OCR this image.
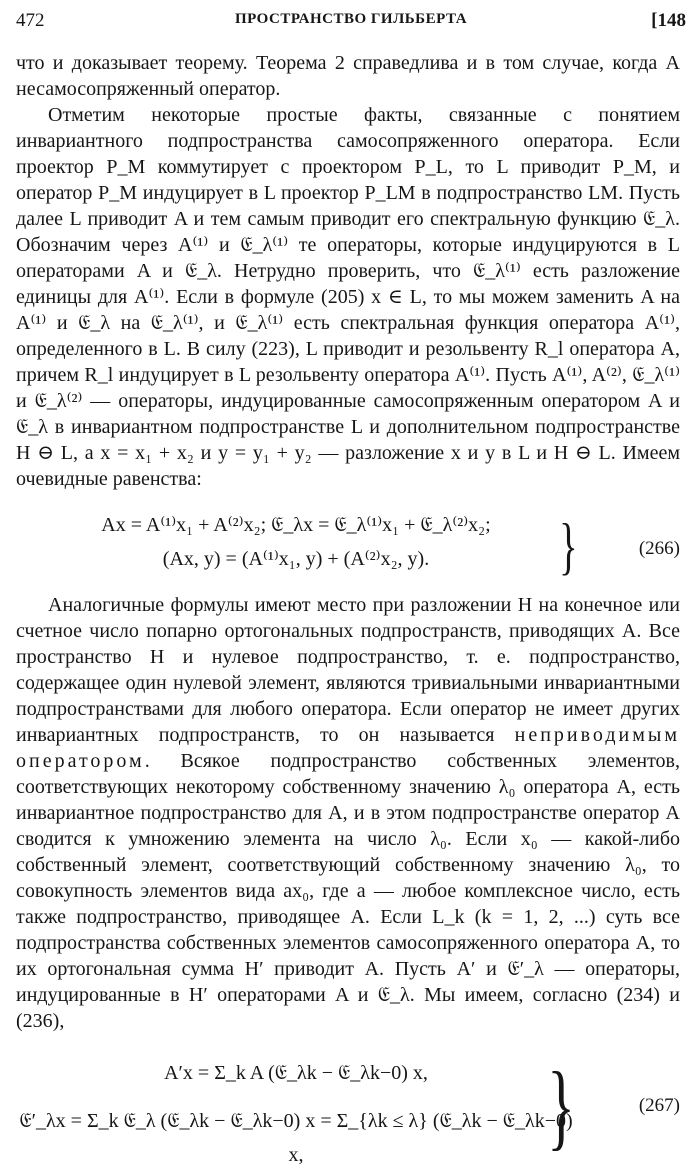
472	ПРОСТРАНСТВО ГИЛЬБЕРТА	[148

что и доказывает теорему. Теорема 2 справедлива и в том случае, когда A несамосопряженный оператор.

Отметим некоторые простые факты, связанные с понятием инвариантного подпространства самосопряженного оператора. Если проектор P_M коммутирует с проектором P_L, то L приводит P_M, и оператор P_M индуцирует в L проектор P_LM в подпространство LM. Пусть далее L приводит A и тем самым приводит его спектральную функцию 𝔈_λ. Обозначим через A⁽¹⁾ и 𝔈_λ⁽¹⁾ те операторы, которые индуцируются в L операторами A и 𝔈_λ. Нетрудно проверить, что 𝔈_λ⁽¹⁾ есть разложение единицы для A⁽¹⁾. Если в формуле (205) x ∈ L, то мы можем заменить A на A⁽¹⁾ и 𝔈_λ на 𝔈_λ⁽¹⁾, и 𝔈_λ⁽¹⁾ есть спектральная функция оператора A⁽¹⁾, определенного в L. В силу (223), L приводит и резольвенту R_l оператора A, причем R_l индуцирует в L резольвенту оператора A⁽¹⁾. Пусть A⁽¹⁾, A⁽²⁾, 𝔈_λ⁽¹⁾ и 𝔈_λ⁽²⁾ — операторы, индуцированные самосопряженным оператором A и 𝔈_λ в инвариантном подпространстве L и дополнительном подпространстве H ⊖ L, а x = x₁ + x₂ и y = y₁ + y₂ — разложение x и y в L и H ⊖ L. Имеем очевидные равенства:

Ax = A⁽¹⁾x₁ + A⁽²⁾x₂; 𝔈_λx = 𝔈_λ⁽¹⁾x₁ + 𝔈_λ⁽²⁾x₂;
(Ax, y) = (A⁽¹⁾x₁, y) + (A⁽²⁾x₂, y).	}	(266)

Аналогичные формулы имеют место при разложении H на конечное или счетное число попарно ортогональных подпространств, приводящих A. Все пространство H и нулевое подпространство, т. е. подпространство, содержащее один нулевой элемент, являются тривиальными инвариантными подпространствами для любого оператора. Если оператор не имеет других инвариантных подпространств, то он называется неприводимым оператором. Всякое подпространство собственных элементов, соответствующих некоторому собственному значению λ₀ оператора A, есть инвариантное подпространство для A, и в этом подпространстве оператор A сводится к умножению элемента на число λ₀. Если x₀ — какой-либо собственный элемент, соответствующий собственному значению λ₀, то совокупность элементов вида ax₀, где a — любое комплексное число, есть также подпространство, приводящее A. Если L_k (k = 1, 2, ...) суть все подпространства собственных элементов самосопряженного оператора A, то их ортогональная сумма H′ приводит A. Пусть A′ и 𝔈′_λ — операторы, индуцированные в H′ операторами A и 𝔈_λ. Мы имеем, согласно (234) и (236),

A′x = Σ_k A (𝔈_λk − 𝔈_λk−0) x,
𝔈′_λx = Σ_k 𝔈_λ (𝔈_λk − 𝔈_λk−0) x = Σ_{λk ≤ λ} (𝔈_λk − 𝔈_λk−0) x,	}	(267)
